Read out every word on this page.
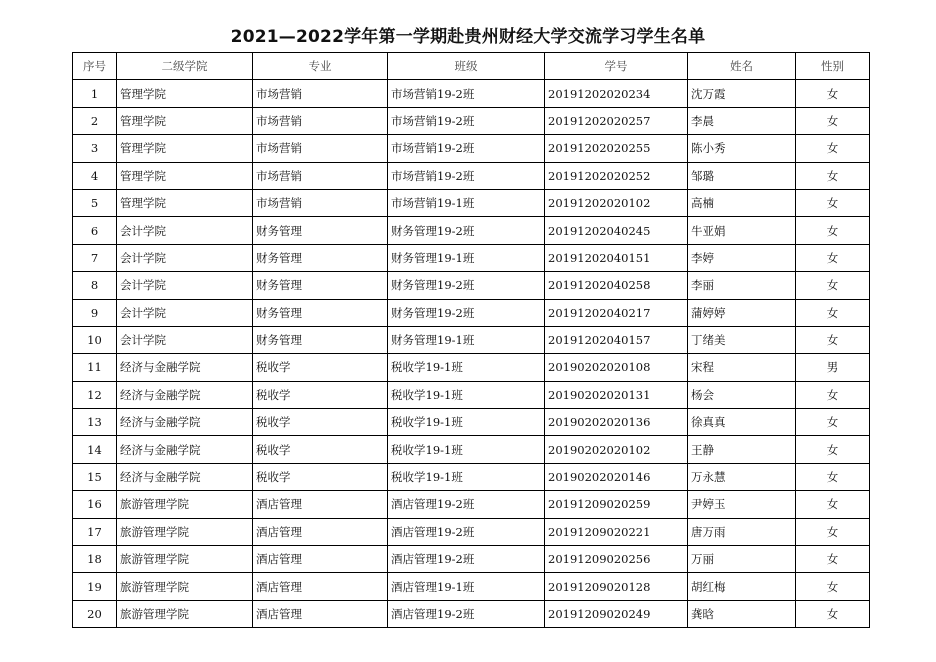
2021—2022学年第一学期赴贵州财经大学交流学习学生名单
序号	二级学院	专业	班级	学号	姓名	性别
1	管理学院	市场营销	市场营销19-2班	20191202020234	沈万霞	女
2	管理学院	市场营销	市场营销19-2班	20191202020257	李晨	女
3	管理学院	市场营销	市场营销19-2班	20191202020255	陈小秀	女
4	管理学院	市场营销	市场营销19-2班	20191202020252	邹璐	女
5	管理学院	市场营销	市场营销19-1班	20191202020102	高楠	女
6	会计学院	财务管理	财务管理19-2班	20191202040245	牛亚娟	女
7	会计学院	财务管理	财务管理19-1班	20191202040151	李婷	女
8	会计学院	财务管理	财务管理19-2班	20191202040258	李丽	女
9	会计学院	财务管理	财务管理19-2班	20191202040217	蒲婷婷	女
10	会计学院	财务管理	财务管理19-1班	20191202040157	丁绪美	女
11	经济与金融学院	税收学	税收学19-1班	20190202020108	宋程	男
12	经济与金融学院	税收学	税收学19-1班	20190202020131	杨会	女
13	经济与金融学院	税收学	税收学19-1班	20190202020136	徐真真	女
14	经济与金融学院	税收学	税收学19-1班	20190202020102	王静	女
15	经济与金融学院	税收学	税收学19-1班	20190202020146	万永慧	女
16	旅游管理学院	酒店管理	酒店管理19-2班	20191209020259	尹婷玉	女
17	旅游管理学院	酒店管理	酒店管理19-2班	20191209020221	唐万雨	女
18	旅游管理学院	酒店管理	酒店管理19-2班	20191209020256	万丽	女
19	旅游管理学院	酒店管理	酒店管理19-1班	20191209020128	胡红梅	女
20	旅游管理学院	酒店管理	酒店管理19-2班	20191209020249	龚晗	女
